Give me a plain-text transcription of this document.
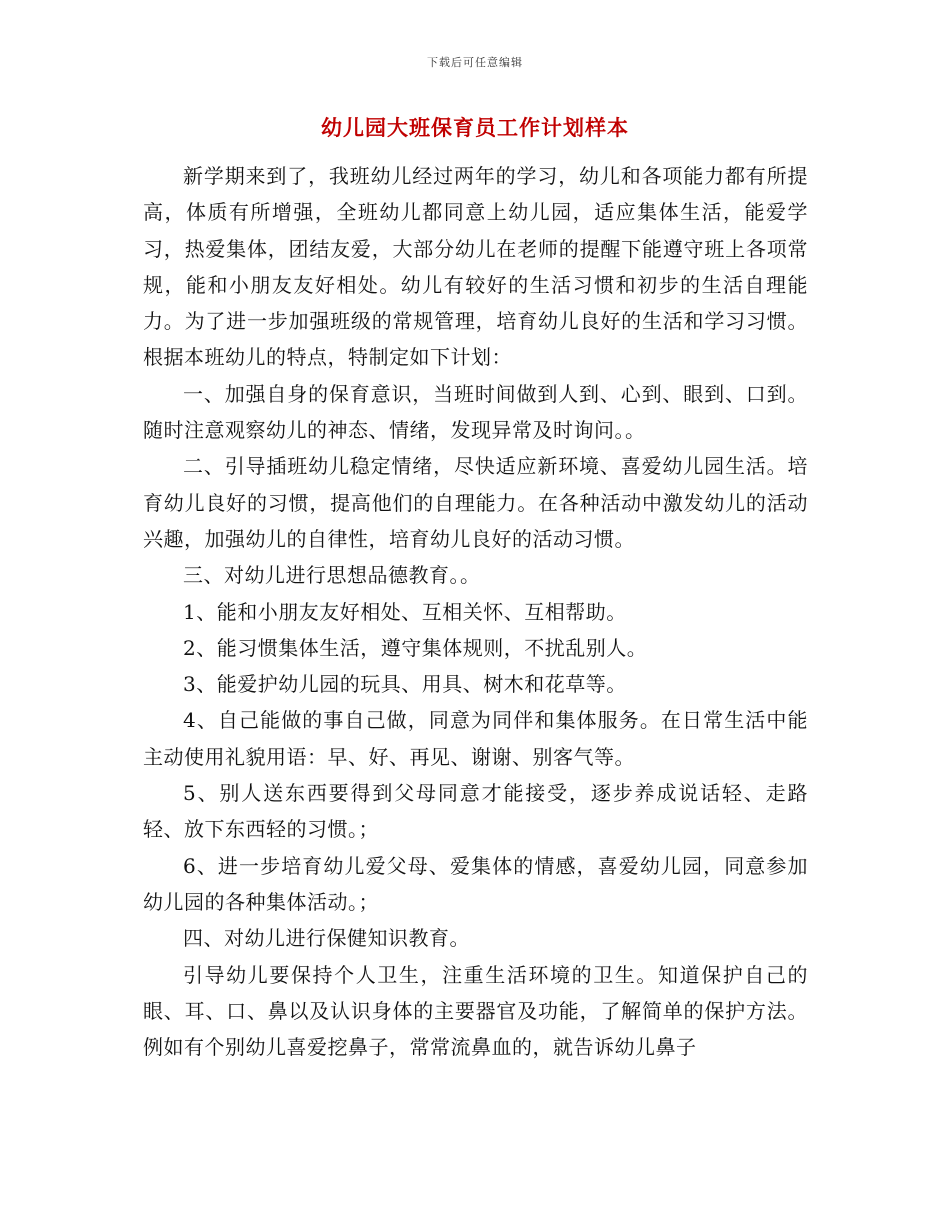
下载后可任意编辑
幼儿园大班保育员工作计划样本

新学期来到了，我班幼儿经过两年的学习，幼儿和各项能力都有所提高，体质有所增强，全班幼儿都同意上幼儿园，适应集体生活，能爱学习，热爱集体，团结友爱，大部分幼儿在老师的提醒下能遵守班上各项常规，能和小朋友友好相处。幼儿有较好的生活习惯和初步的生活自理能力。为了进一步加强班级的常规管理，培育幼儿良好的生活和学习习惯。根据本班幼儿的特点，特制定如下计划：

一、加强自身的保育意识，当班时间做到人到、心到、眼到、口到。随时注意观察幼儿的神态、情绪，发现异常及时询问。。

二、引导插班幼儿稳定情绪，尽快适应新环境、喜爱幼儿园生活。培育幼儿良好的习惯，提高他们的自理能力。在各种活动中激发幼儿的活动兴趣，加强幼儿的自律性，培育幼儿良好的活动习惯。

三、对幼儿进行思想品德教育。。

1、能和小朋友友好相处、互相关怀、互相帮助。

2、能习惯集体生活，遵守集体规则，不扰乱别人。

3、能爱护幼儿园的玩具、用具、树木和花草等。

4、自己能做的事自己做，同意为同伴和集体服务。在日常生活中能主动使用礼貌用语：早、好、再见、谢谢、别客气等。

5、别人送东西要得到父母同意才能接受，逐步养成说话轻、走路轻、放下东西轻的习惯。；

6、进一步培育幼儿爱父母、爱集体的情感，喜爱幼儿园，同意参加幼儿园的各种集体活动。；

四、对幼儿进行保健知识教育。

引导幼儿要保持个人卫生，注重生活环境的卫生。知道保护自己的眼、耳、口、鼻以及认识身体的主要器官及功能，了解简单的保护方法。例如有个别幼儿喜爱挖鼻子，常常流鼻血的，就告诉幼儿鼻子
